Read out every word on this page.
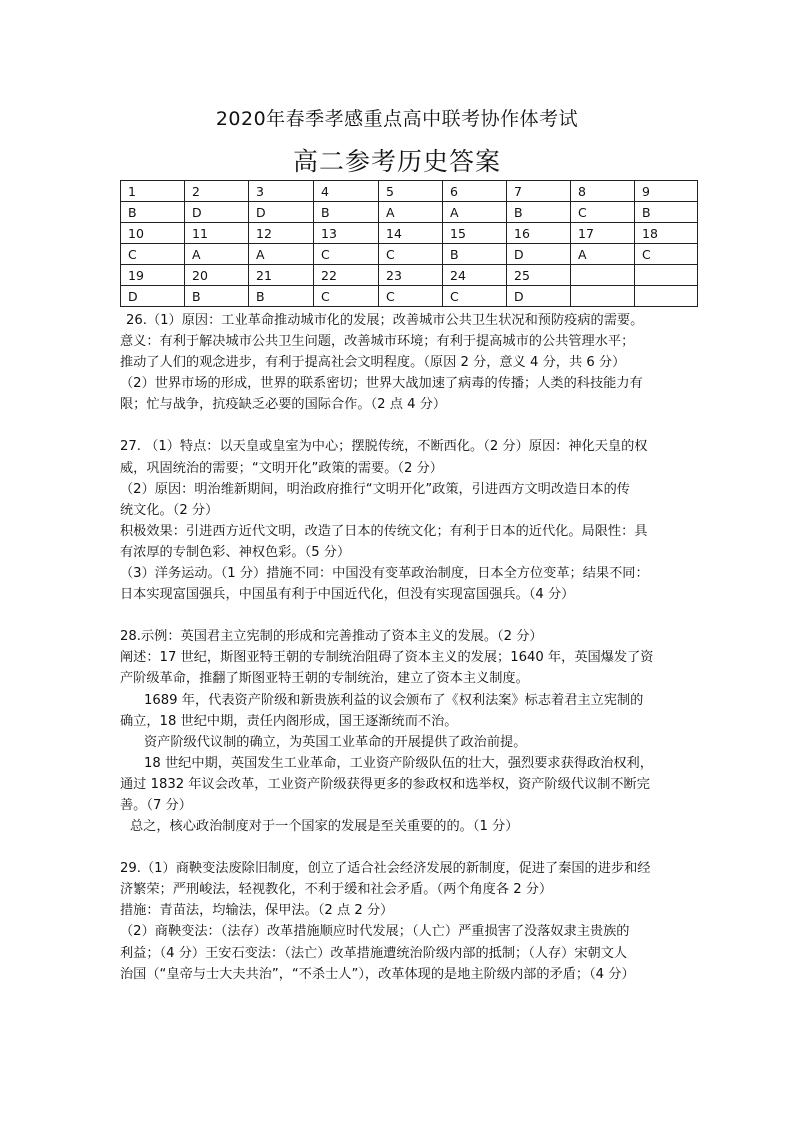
2020年春季孝感重点高中联考协作体考试
高二参考历史答案
1	2	3	4	5	6	7	8	9
B	D	D	B	A	A	B	C	B
10	11	12	13	14	15	16	17	18
C	A	A	C	C	B	D	A	C
19	20	21	22	23	24	25		
D	B	B	C	C	C	D		

26.（1）原因：工业革命推动城市化的发展；改善城市公共卫生状况和预防疫病的需要。

意义：有利于解决城市公共卫生问题，改善城市环境；有利于提高城市的公共管理水平；

推动了人们的观念进步，有利于提高社会文明程度。（原因 2 分，意义 4 分，共 6 分）

（2）世界市场的形成，世界的联系密切；世界大战加速了病毒的传播；人类的科技能力有

限；忙与战争，抗疫缺乏必要的国际合作。（2 点 4 分）

27. （1）特点：以天皇或皇室为中心；摆脱传统，不断西化。（2 分）原因：神化天皇的权

威，巩固统治的需要；“文明开化”政策的需要。（2 分）

（2）原因：明治维新期间，明治政府推行“文明开化”政策，引进西方文明改造日本的传

统文化。（2 分）

积极效果：引进西方近代文明，改造了日本的传统文化；有利于日本的近代化。局限性：具

有浓厚的专制色彩、神权色彩。（5 分）

（3）洋务运动。（1 分）措施不同：中国没有变革政治制度，日本全方位变革；结果不同：

日本实现富国强兵，中国虽有利于中国近代化，但没有实现富国强兵。（4 分）

28.示例：英国君主立宪制的形成和完善推动了资本主义的发展。（2 分）

阐述：17 世纪，斯图亚特王朝的专制统治阻碍了资本主义的发展；1640 年，英国爆发了资

产阶级革命，推翻了斯图亚特王朝的专制统治，建立了资本主义制度。

1689 年，代表资产阶级和新贵族利益的议会颁布了《权利法案》标志着君主立宪制的

确立，18 世纪中期，责任内阁形成，国王逐渐统而不治。

资产阶级代议制的确立，为英国工业革命的开展提供了政治前提。

18 世纪中期，英国发生工业革命，工业资产阶级队伍的壮大，强烈要求获得政治权利，

通过 1832 年议会改革，工业资产阶级获得更多的参政权和选举权，资产阶级代议制不断完

善。（7 分）

总之，核心政治制度对于一个国家的发展是至关重要的的。（1 分）

29.（1）商鞅变法废除旧制度，创立了适合社会经济发展的新制度，促进了秦国的进步和经

济繁荣；严刑峻法，轻视教化，不利于缓和社会矛盾。（两个角度各 2 分）

措施：青苗法，均输法，保甲法。（2 点 2 分）

（2）商鞅变法：（法存）改革措施顺应时代发展；（人亡）严重损害了没落奴隶主贵族的

利益；（4 分）王安石变法：（法亡）改革措施遭统治阶级内部的抵制；（人存）宋朝文人

治国（“皇帝与士大夫共治”，“不杀士人”），改革体现的是地主阶级内部的矛盾；（4 分）
